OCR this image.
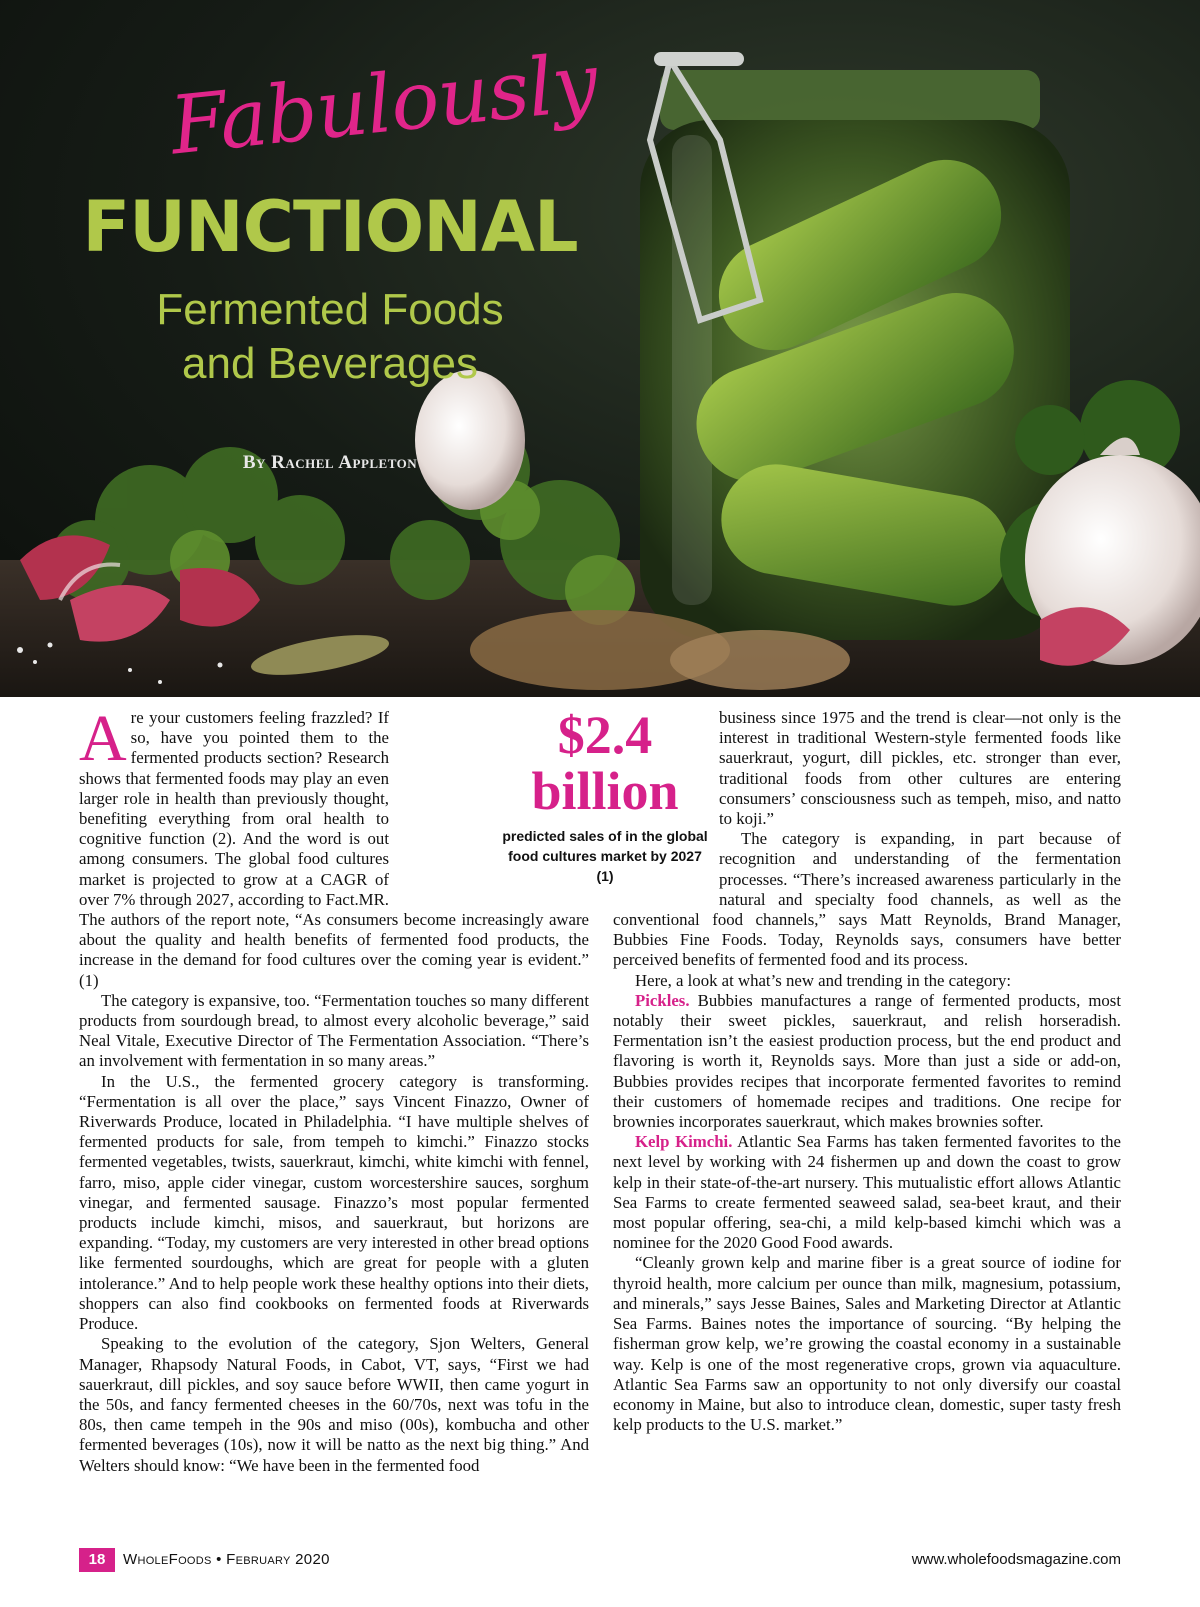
Fabulously
FUNCTIONAL
Fermented Foods
and Beverages
By Rachel Appleton
$2.4
billion
predicted sales of in the global food cultures market by 2027 (1)

Are your customers feeling frazzled? If so, have you pointed them to the fermented products section? Research shows that fermented foods may play an even larger role in health than previously thought, benefiting everything from oral health to cognitive function (2). And the word is out among consumers. The global food cultures market is projected to grow at a CAGR of over 7% through 2027, according to Fact.MR. The authors of the report note, “As consumers become increasingly aware about the quality and health benefits of fermented food products, the increase in the demand for food cultures over the coming year is evident.” (1)

The category is expansive, too. “Fermentation touches so many different products from sourdough bread, to almost every alcoholic beverage,” said Neal Vitale, Executive Director of The Fermentation Association. “There’s an involvement with fermentation in so many areas.”

In the U.S., the fermented grocery category is transforming. “Fermentation is all over the place,” says Vincent Finazzo, Owner of Riverwards Produce, located in Philadelphia. “I have multiple shelves of fermented products for sale, from tempeh to kimchi.” Finazzo stocks fermented vegetables, twists, sauerkraut, kimchi, white kimchi with fennel, farro, miso, apple cider vinegar, custom worcestershire sauces, sorghum vinegar, and fermented sausage. Finazzo’s most popular fermented products include kimchi, misos, and sauerkraut, but horizons are expanding. “Today, my customers are very interested in other bread options like fermented sourdoughs, which are great for people with a gluten intolerance.” And to help people work these healthy options into their diets, shoppers can also find cookbooks on fermented foods at Riverwards Produce.

Speaking to the evolution of the category, Sjon Welters, General Manager, Rhapsody Natural Foods, in Cabot, VT, says, “First we had sauerkraut, dill pickles, and soy sauce before WWII, then came yogurt in the 50s, and fancy fermented cheeses in the 60/70s, next was tofu in the 80s, then came tempeh in the 90s and miso (00s), kombucha and other fermented beverages (10s), now it will be natto as the next big thing.” And Welters should know: “We have been in the fermented food

business since 1975 and the trend is clear—not only is the interest in traditional Western-style fermented foods like sauerkraut, yogurt, dill pickles, etc. stronger than ever, traditional foods from other cultures are entering consumers’ consciousness such as tempeh, miso, and natto to koji.”

The category is expanding, in part because of recognition and understanding of the fermentation processes. “There’s increased awareness particularly in the natural and specialty food channels, as well as the conventional food channels,” says Matt Reynolds, Brand Manager, Bubbies Fine Foods. Today, Reynolds says, consumers have better perceived benefits of fermented food and its process.

Here, a look at what’s new and trending in the category:

Pickles. Bubbies manufactures a range of fermented products, most notably their sweet pickles, sauerkraut, and relish horseradish. Fermentation isn’t the easiest production process, but the end product and flavoring is worth it, Reynolds says. More than just a side or add-on, Bubbies provides recipes that incorporate fermented favorites to remind their customers of homemade recipes and traditions. One recipe for brownies incorporates sauerkraut, which makes brownies softer.

Kelp Kimchi. Atlantic Sea Farms has taken fermented favorites to the next level by working with 24 fishermen up and down the coast to grow kelp in their state-of-the-art nursery. This mutualistic effort allows Atlantic Sea Farms to create fermented seaweed salad, sea-beet kraut, and their most popular offering, sea-chi, a mild kelp-based kimchi which was a nominee for the 2020 Good Food awards.

“Cleanly grown kelp and marine fiber is a great source of iodine for thyroid health, more calcium per ounce than milk, magnesium, potassium, and minerals,” says Jesse Baines, Sales and Marketing Director at Atlantic Sea Farms. Baines notes the importance of sourcing. “By helping the fisherman grow kelp, we’re growing the coastal economy in a sustainable way. Kelp is one of the most regenerative crops, grown via aquaculture. Atlantic Sea Farms saw an opportunity to not only diversify our coastal economy in Maine, but also to introduce clean, domestic, super tasty fresh kelp products to the U.S. market.”

18	WholeFoods • February 2020	www.wholefoodsmagazine.com
